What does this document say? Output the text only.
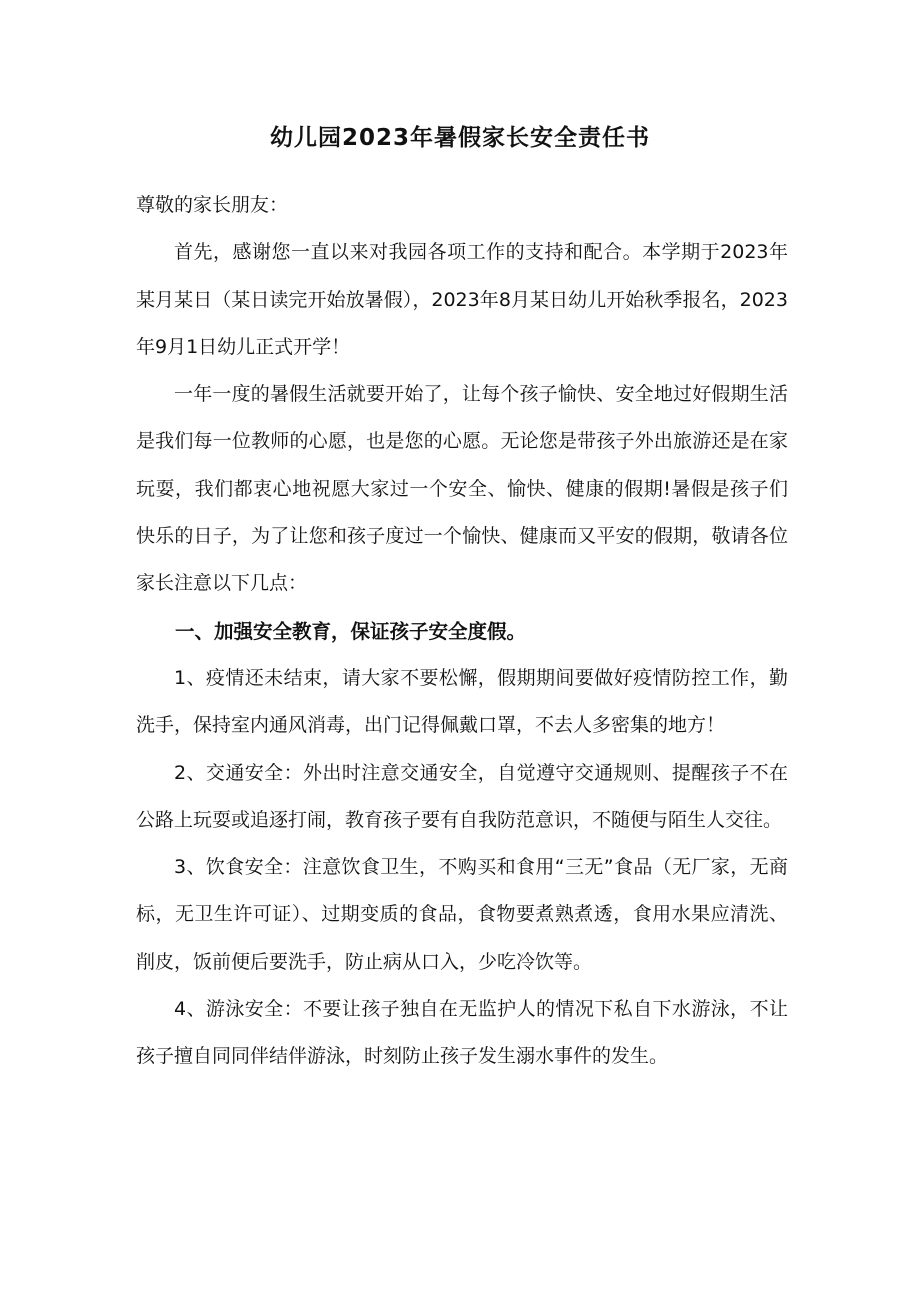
幼儿园2023年暑假家长安全责任书

尊敬的家长朋友：

首先，感谢您一直以来对我园各项工作的支持和配合。本学期于2023年某月某日（某日读完开始放暑假），2023年8月某日幼儿开始秋季报名，2023年9月1日幼儿正式开学！

一年一度的暑假生活就要开始了，让每个孩子愉快、安全地过好假期生活是我们每一位教师的心愿，也是您的心愿。无论您是带孩子外出旅游还是在家玩耍，我们都衷心地祝愿大家过一个安全、愉快、健康的假期!暑假是孩子们快乐的日子，为了让您和孩子度过一个愉快、健康而又平安的假期，敬请各位家长注意以下几点：

一、加强安全教育，保证孩子安全度假。

1、疫情还未结束，请大家不要松懈，假期期间要做好疫情防控工作，勤洗手，保持室内通风消毒，出门记得佩戴口罩，不去人多密集的地方！

2、交通安全：外出时注意交通安全，自觉遵守交通规则、提醒孩子不在公路上玩耍或追逐打闹，教育孩子要有自我防范意识，不随便与陌生人交往。

3、饮食安全：注意饮食卫生，不购买和食用“三无”食品（无厂家，无商标，无卫生许可证）、过期变质的食品，食物要煮熟煮透，食用水果应清洗、削皮，饭前便后要洗手，防止病从口入，少吃冷饮等。

4、游泳安全：不要让孩子独自在无监护人的情况下私自下水游泳，不让孩子擅自同同伴结伴游泳，时刻防止孩子发生溺水事件的发生。
